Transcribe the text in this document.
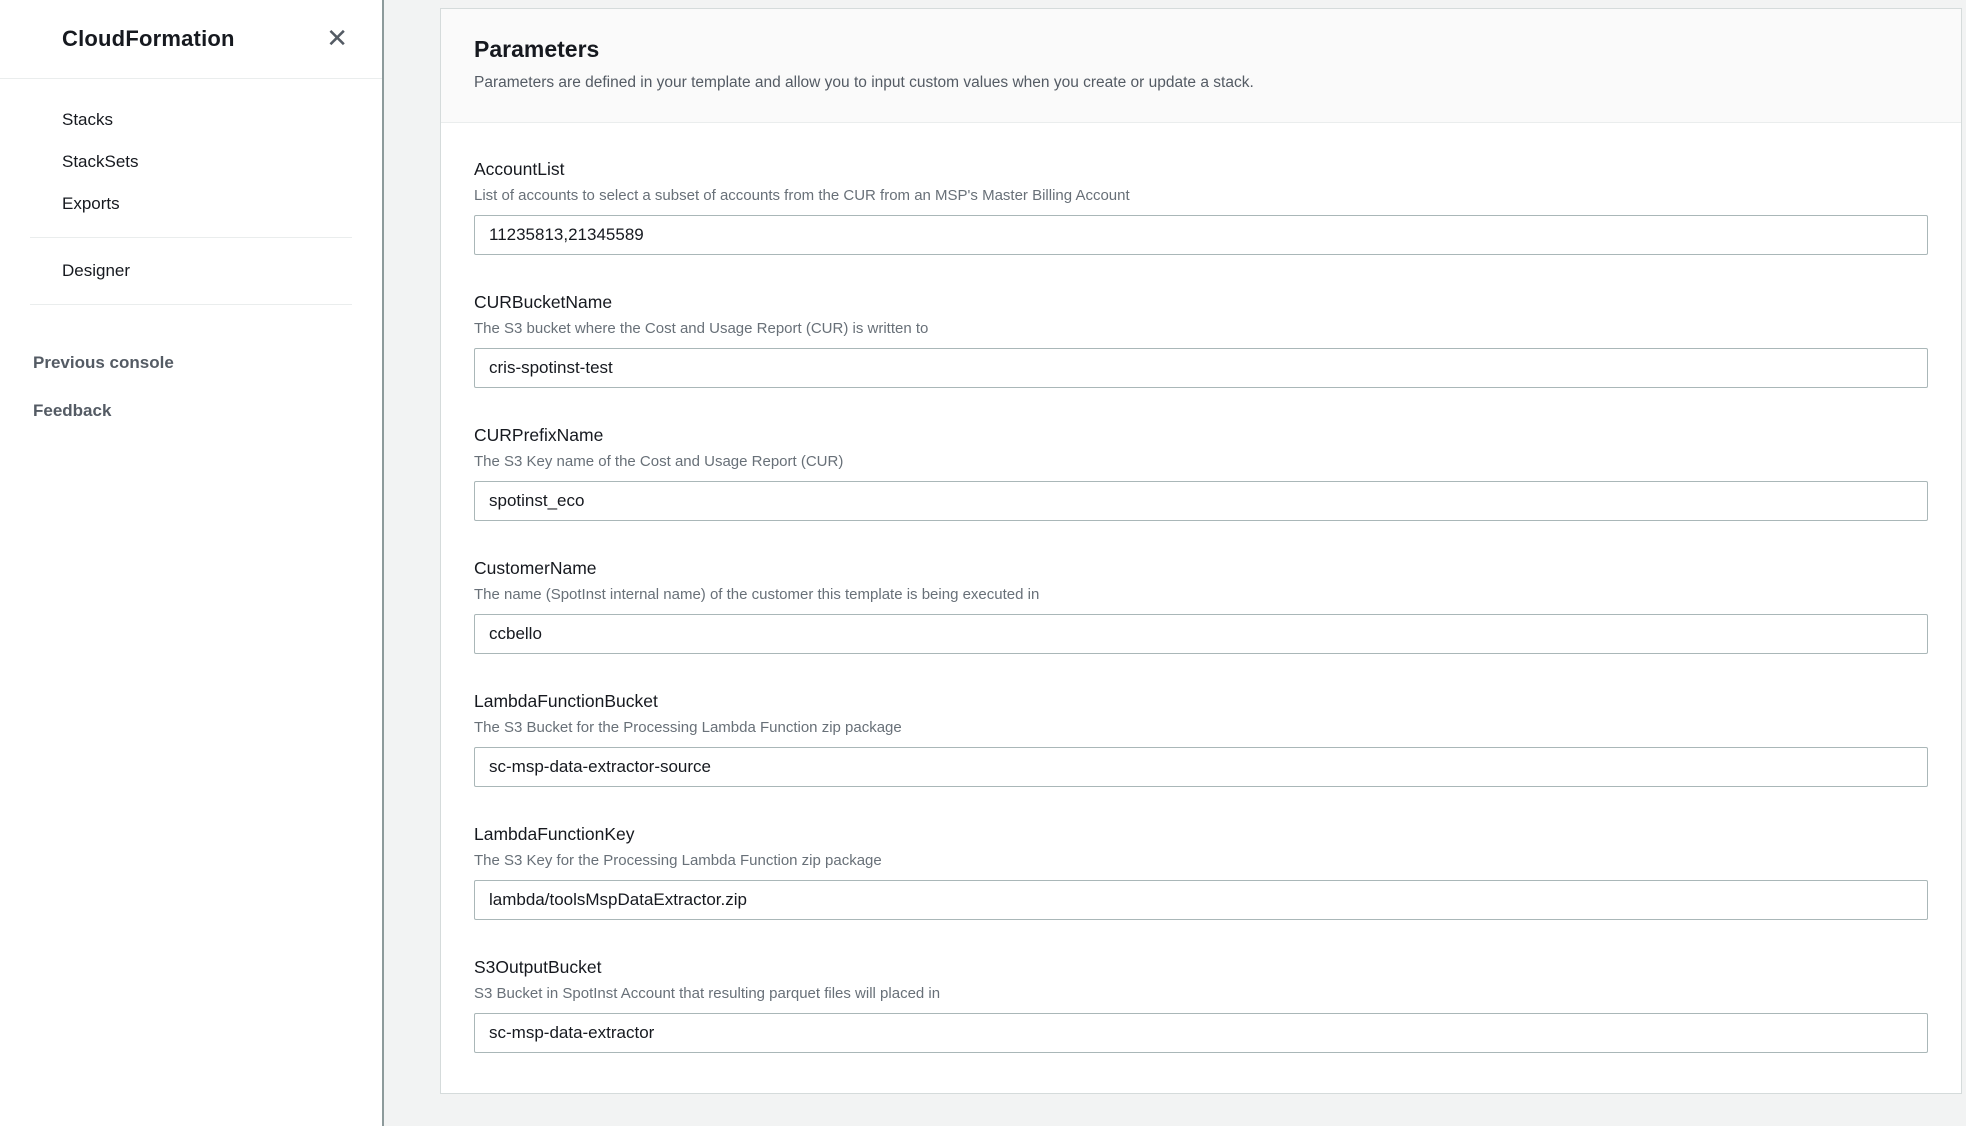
CloudFormation	✕
Stacks
StackSets
Exports
Designer
Previous console
Feedback
Parameters
Parameters are defined in your template and allow you to input custom values when you create or update a stack.
AccountList
List of accounts to select a subset of accounts from the CUR from an MSP's Master Billing Account
11235813,21345589
CURBucketName
The S3 bucket where the Cost and Usage Report (CUR) is written to
cris-spotinst-test
CURPrefixName
The S3 Key name of the Cost and Usage Report (CUR)
spotinst_eco
CustomerName
The name (SpotInst internal name) of the customer this template is being executed in
ccbello
LambdaFunctionBucket
The S3 Bucket for the Processing Lambda Function zip package
sc-msp-data-extractor-source
LambdaFunctionKey
The S3 Key for the Processing Lambda Function zip package
lambda/toolsMspDataExtractor.zip
S3OutputBucket
S3 Bucket in SpotInst Account that resulting parquet files will placed in
sc-msp-data-extractor
